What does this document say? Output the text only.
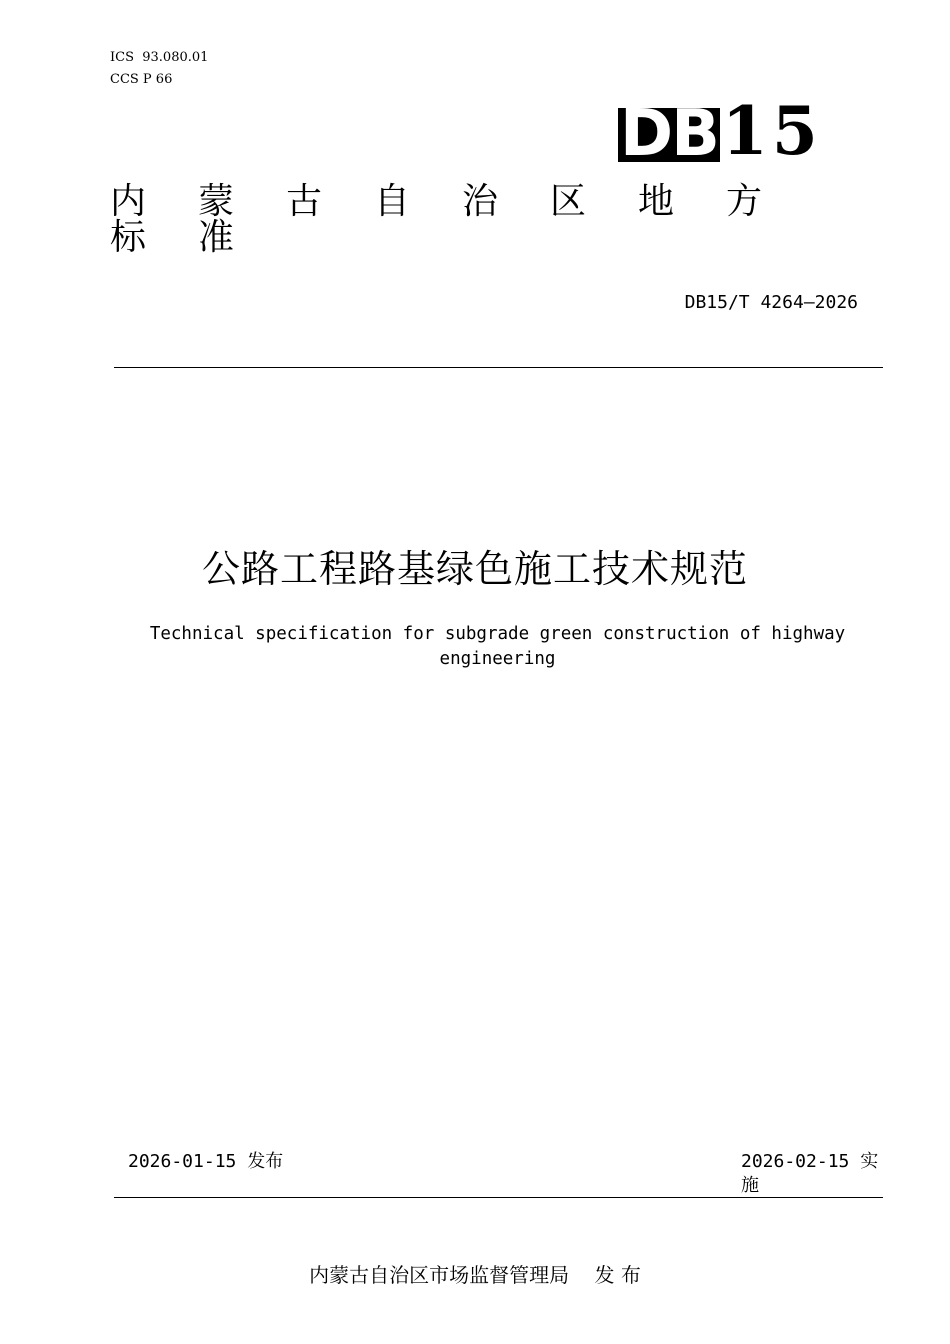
ICS  93.080.01
CCS P 66
DB 15
内蒙古自治区地方标准
DB15/T 4264—2026
公路工程路基绿色施工技术规范
Technical specification for subgrade green construction of highway engineering
2026-01-15 发布	2026-02-15 实施
内蒙古自治区市场监督管理局    发 布
